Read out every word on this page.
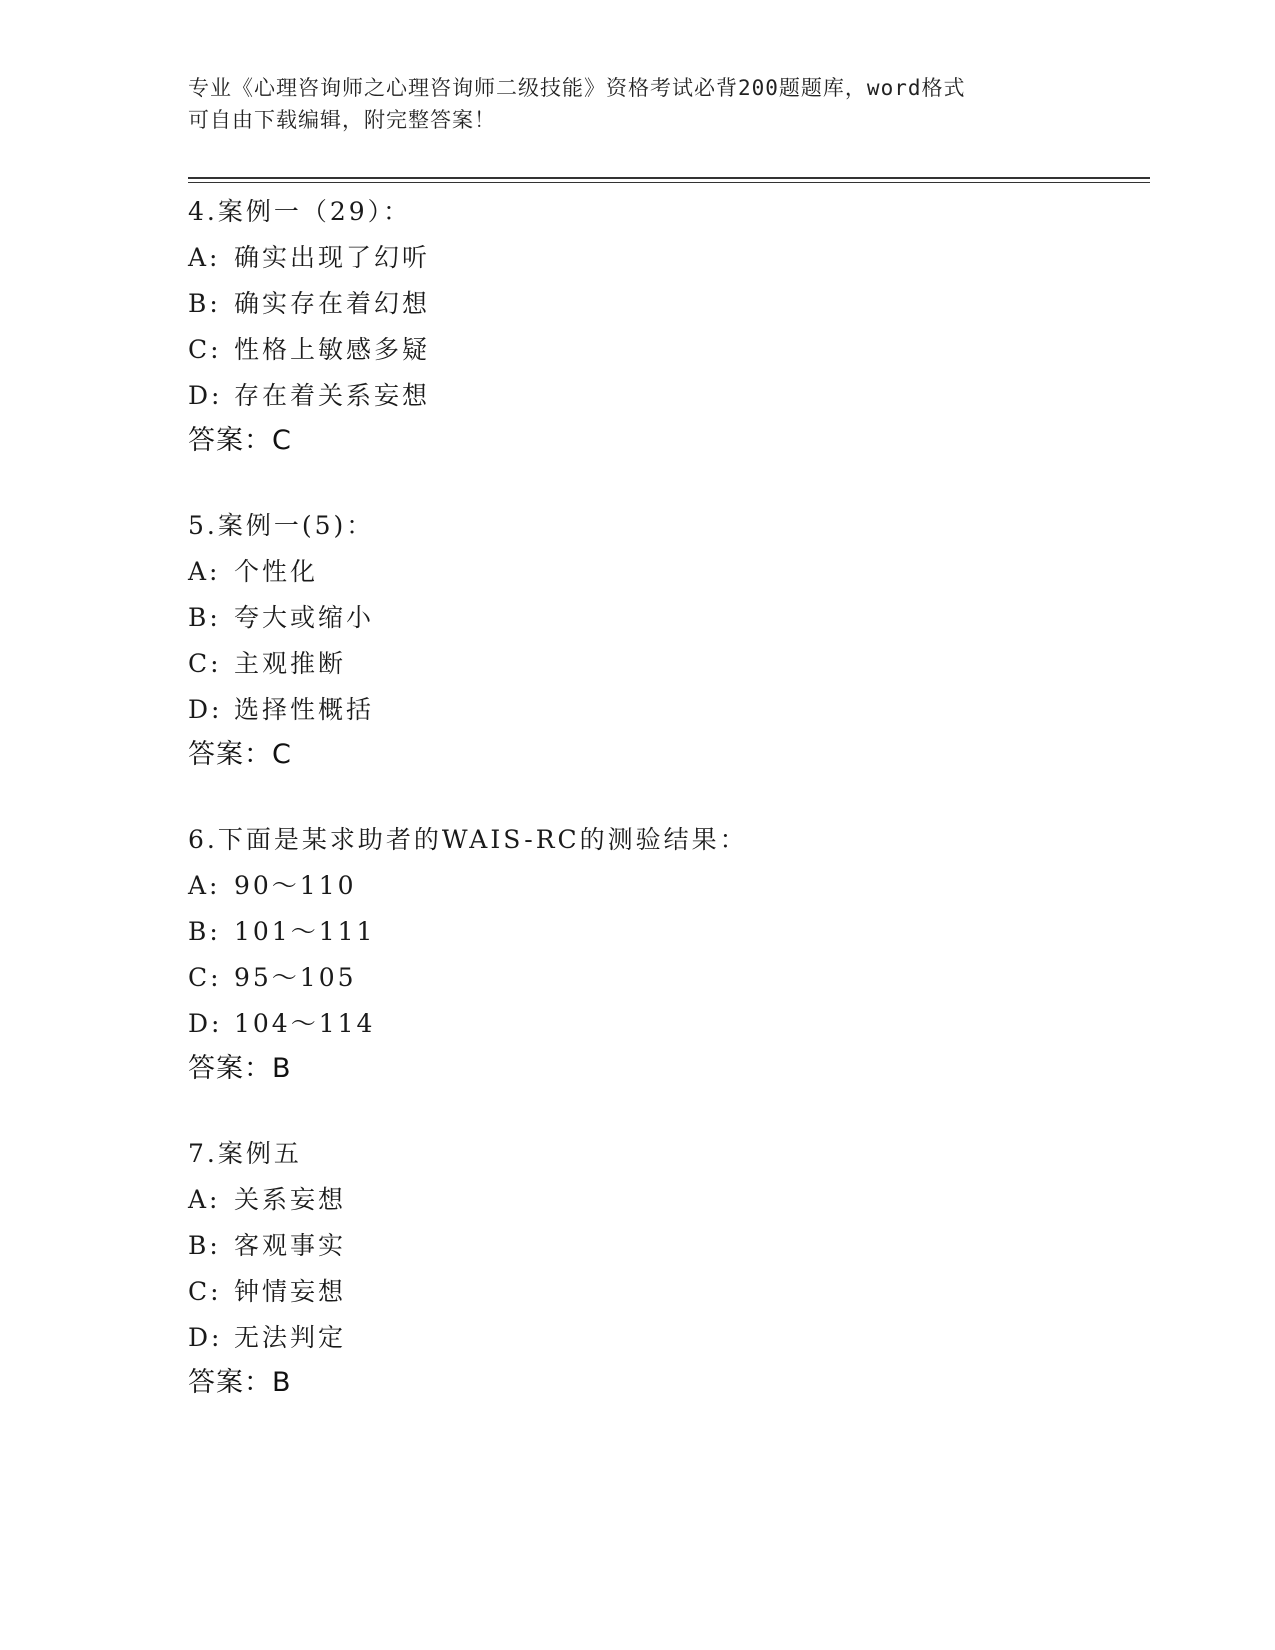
专业《心理咨询师之心理咨询师二级技能》资格考试必背200题题库，word格式

可自由下载编辑，附完整答案！

4.案例一（29）：
A: 确实出现了幻听
B: 确实存在着幻想
C: 性格上敏感多疑
D: 存在着关系妄想
答案：C
5.案例一(5)：
A: 个性化
B: 夸大或缩小
C: 主观推断
D: 选择性概括
答案：C
6.下面是某求助者的WAIS-RC的测验结果：
A: 90～110
B: 101～111
C: 95～105
D: 104～114
答案：B
7.案例五
A: 关系妄想
B: 客观事实
C: 钟情妄想
D: 无法判定
答案：B
